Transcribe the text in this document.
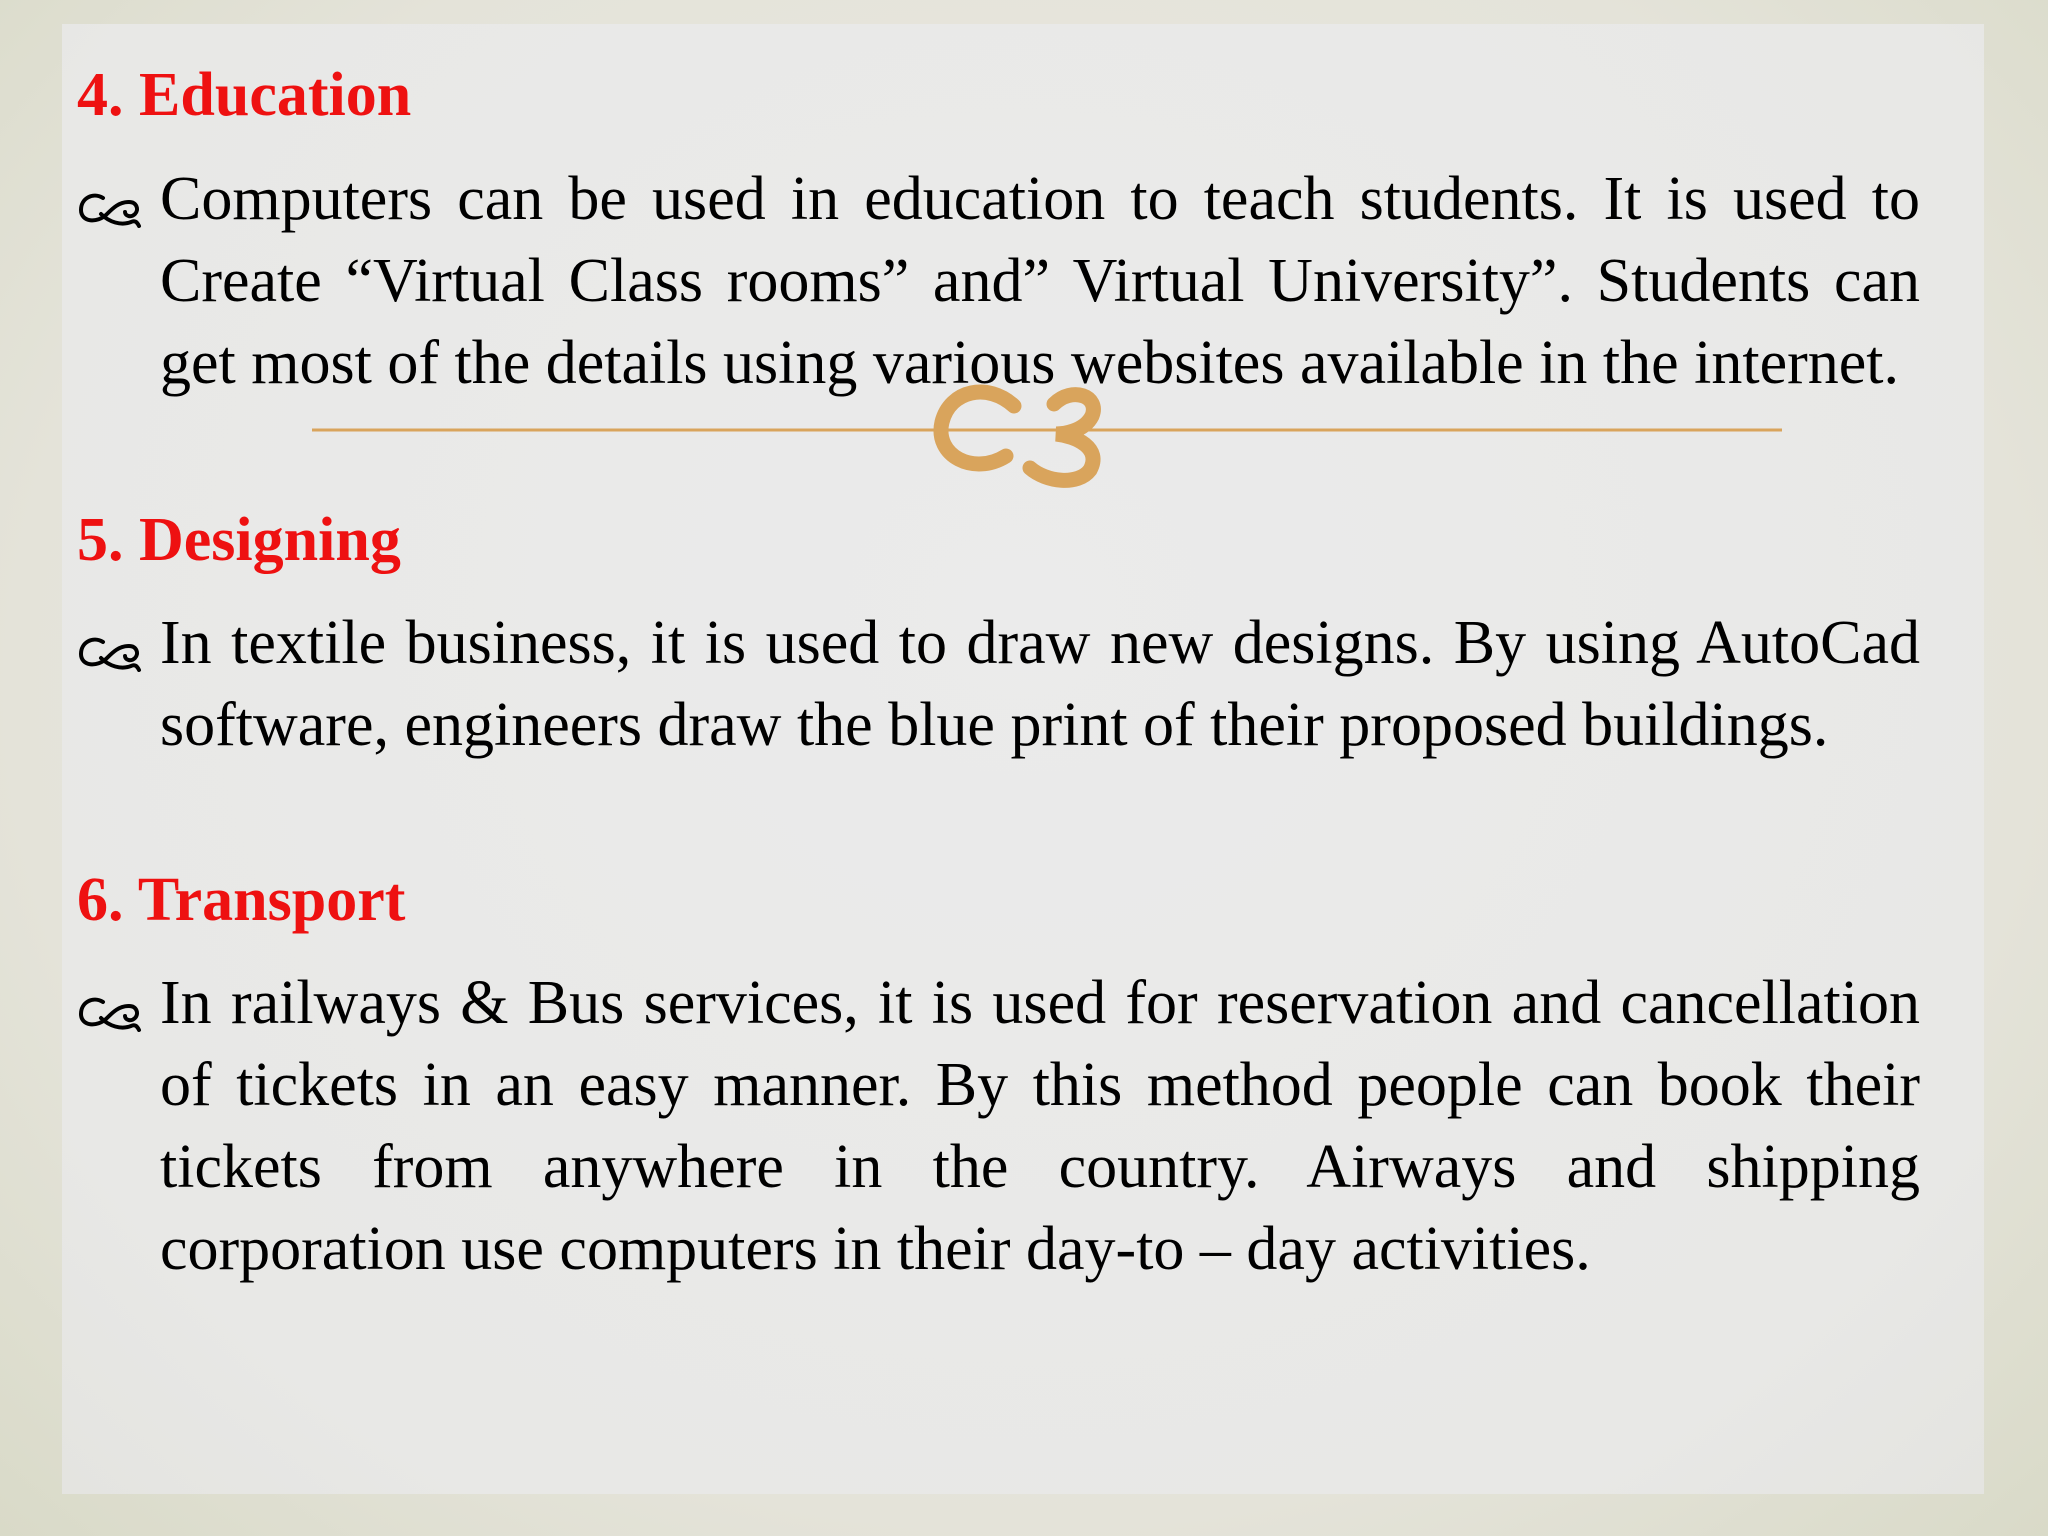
4. Education

Computers can be used in education to teach students. It is used to Create “Virtual Class rooms” and” Virtual University”. Students can get most of the details using various websites available in the internet.

5. Designing

In textile business, it is used to draw new designs. By using AutoCad software, engineers draw the blue print of their proposed buildings.

6. Transport

In railways & Bus services, it is used for reservation and cancellation of tickets in an easy manner. By this method people can book their tickets from anywhere in the country. Airways and shipping corporation use computers in their day-to – day activities.
